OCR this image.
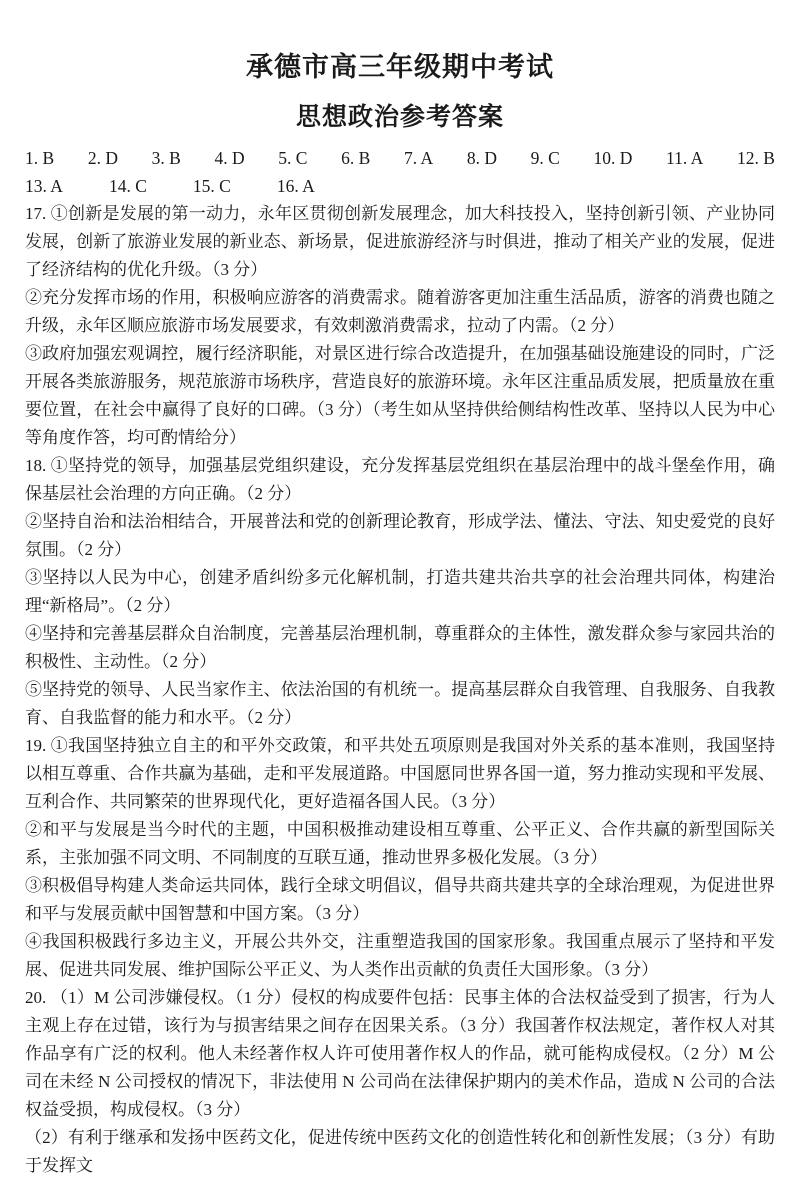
承德市高三年级期中考试
思想政治参考答案
1. B 2. D 3. B 4. D 5. C 6. B 7. A 8. D 9. C 10. D 11. A 12. B
13. A	14. C	15. C	16. A

17. ①创新是发展的第一动力，永年区贯彻创新发展理念，加大科技投入，坚持创新引领、产业协同发展，创新了旅游业发展的新业态、新场景，促进旅游经济与时俱进，推动了相关产业的发展，促进了经济结构的优化升级。（3 分）

②充分发挥市场的作用，积极响应游客的消费需求。随着游客更加注重生活品质，游客的消费也随之升级，永年区顺应旅游市场发展要求，有效刺激消费需求，拉动了内需。（2 分）

③政府加强宏观调控，履行经济职能，对景区进行综合改造提升，在加强基础设施建设的同时，广泛开展各类旅游服务，规范旅游市场秩序，营造良好的旅游环境。永年区注重品质发展，把质量放在重要位置，在社会中赢得了良好的口碑。（3 分）（考生如从坚持供给侧结构性改革、坚持以人民为中心等角度作答，均可酌情给分）

18. ①坚持党的领导，加强基层党组织建设，充分发挥基层党组织在基层治理中的战斗堡垒作用，确保基层社会治理的方向正确。（2 分）

②坚持自治和法治相结合，开展普法和党的创新理论教育，形成学法、懂法、守法、知史爱党的良好氛围。（2 分）

③坚持以人民为中心，创建矛盾纠纷多元化解机制，打造共建共治共享的社会治理共同体，构建治理“新格局”。（2 分）

④坚持和完善基层群众自治制度，完善基层治理机制，尊重群众的主体性，激发群众参与家园共治的积极性、主动性。（2 分）

⑤坚持党的领导、人民当家作主、依法治国的有机统一。提高基层群众自我管理、自我服务、自我教育、自我监督的能力和水平。（2 分）

19. ①我国坚持独立自主的和平外交政策，和平共处五项原则是我国对外关系的基本准则，我国坚持以相互尊重、合作共赢为基础，走和平发展道路。中国愿同世界各国一道，努力推动实现和平发展、互利合作、共同繁荣的世界现代化，更好造福各国人民。（3 分）

②和平与发展是当今时代的主题，中国积极推动建设相互尊重、公平正义、合作共赢的新型国际关系，主张加强不同文明、不同制度的互联互通，推动世界多极化发展。（3 分）

③积极倡导构建人类命运共同体，践行全球文明倡议，倡导共商共建共享的全球治理观，为促进世界和平与发展贡献中国智慧和中国方案。（3 分）

④我国积极践行多边主义，开展公共外交，注重塑造我国的国家形象。我国重点展示了坚持和平发展、促进共同发展、维护国际公平正义、为人类作出贡献的负责任大国形象。（3 分）

20. （1）M 公司涉嫌侵权。（1 分）侵权的构成要件包括：民事主体的合法权益受到了损害，行为人主观上存在过错，该行为与损害结果之间存在因果关系。（3 分）我国著作权法规定，著作权人对其作品享有广泛的权利。他人未经著作权人许可使用著作权人的作品，就可能构成侵权。（2 分）M 公司在未经 N 公司授权的情况下，非法使用 N 公司尚在法律保护期内的美术作品，造成 N 公司的合法权益受损，构成侵权。（3 分）

（2）有利于继承和发扬中医药文化，促进传统中医药文化的创造性转化和创新性发展；（3 分）有助于发挥文
